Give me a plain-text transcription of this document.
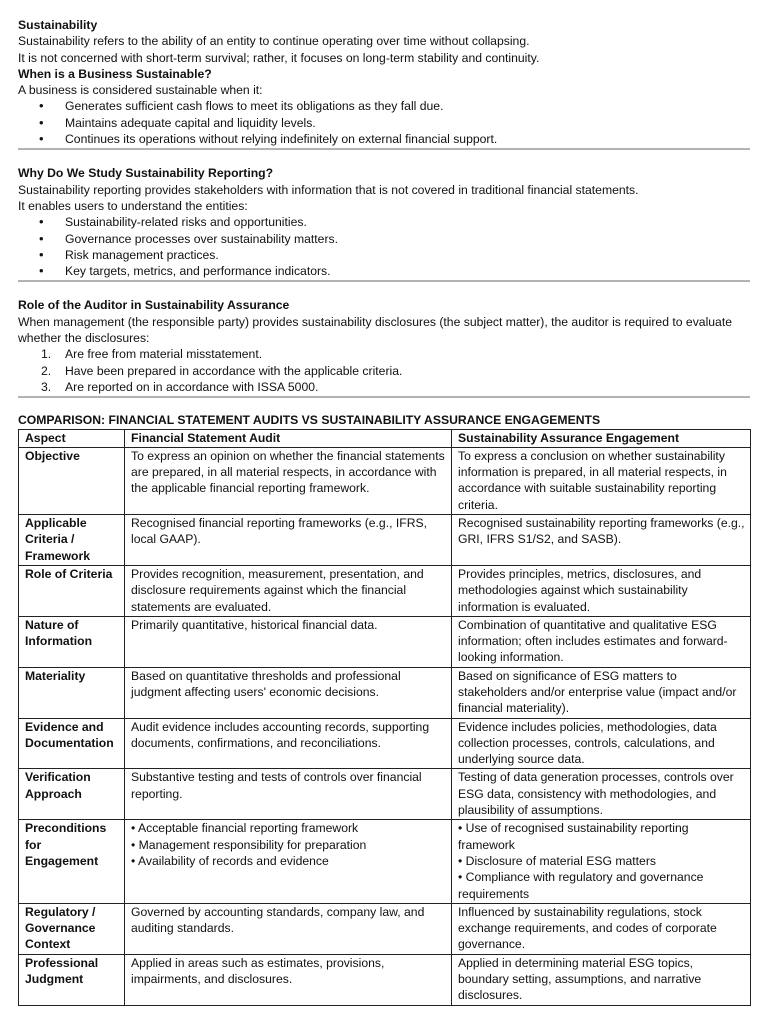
Sustainability

Sustainability refers to the ability of an entity to continue operating over time without collapsing.

It is not concerned with short-term survival; rather, it focuses on long-term stability and continuity.

When is a Business Sustainable?

A business is considered sustainable when it:

• Generates sufficient cash flows to meet its obligations as they fall due.
• Maintains adequate capital and liquidity levels.
• Continues its operations without relying indefinitely on external financial support.

Why Do We Study Sustainability Reporting?

Sustainability reporting provides stakeholders with information that is not covered in traditional financial statements.

It enables users to understand the entities:

• Sustainability-related risks and opportunities.
• Governance processes over sustainability matters.
• Risk management practices.
• Key targets, metrics, and performance indicators.

Role of the Auditor in Sustainability Assurance

When management (the responsible party) provides sustainability disclosures (the subject matter), the auditor is required to evaluate whether the disclosures:

1. Are free from material misstatement.
2. Have been prepared in accordance with the applicable criteria.
3. Are reported on in accordance with ISSA 5000.

COMPARISON: FINANCIAL STATEMENT AUDITS VS SUSTAINABILITY ASSURANCE ENGAGEMENTS

Aspect	Financial Statement Audit	Sustainability Assurance Engagement
Objective	To express an opinion on whether the financial statements are prepared, in all material respects, in accordance with the applicable financial reporting framework.	To express a conclusion on whether sustainability information is prepared, in all material respects, in accordance with suitable sustainability reporting criteria.
Applicable Criteria / Framework	Recognised financial reporting frameworks (e.g., IFRS, local GAAP).	Recognised sustainability reporting frameworks (e.g., GRI, IFRS S1/S2, and SASB).
Role of Criteria	Provides recognition, measurement, presentation, and disclosure requirements against which the financial statements are evaluated.	Provides principles, metrics, disclosures, and methodologies against which sustainability information is evaluated.
Nature of Information	Primarily quantitative, historical financial data.	Combination of quantitative and qualitative ESG information; often includes estimates and forward-looking information.
Materiality	Based on quantitative thresholds and professional judgment affecting users' economic decisions.	Based on significance of ESG matters to stakeholders and/or enterprise value (impact and/or financial materiality).
Evidence and Documentation	Audit evidence includes accounting records, supporting documents, confirmations, and reconciliations.	Evidence includes policies, methodologies, data collection processes, controls, calculations, and underlying source data.
Verification Approach	Substantive testing and tests of controls over financial reporting.	Testing of data generation processes, controls over ESG data, consistency with methodologies, and plausibility of assumptions.
Preconditions for Engagement	• Acceptable financial reporting framework
• Management responsibility for preparation
• Availability of records and evidence	• Use of recognised sustainability reporting framework
• Disclosure of material ESG matters
• Compliance with regulatory and governance requirements

Regulatory / Governance Context	Governed by accounting standards, company law, and auditing standards.	Influenced by sustainability regulations, stock exchange requirements, and codes of corporate governance.
Professional Judgment	Applied in areas such as estimates, provisions, impairments, and disclosures.	Applied in determining material ESG topics, boundary setting, assumptions, and narrative disclosures.
